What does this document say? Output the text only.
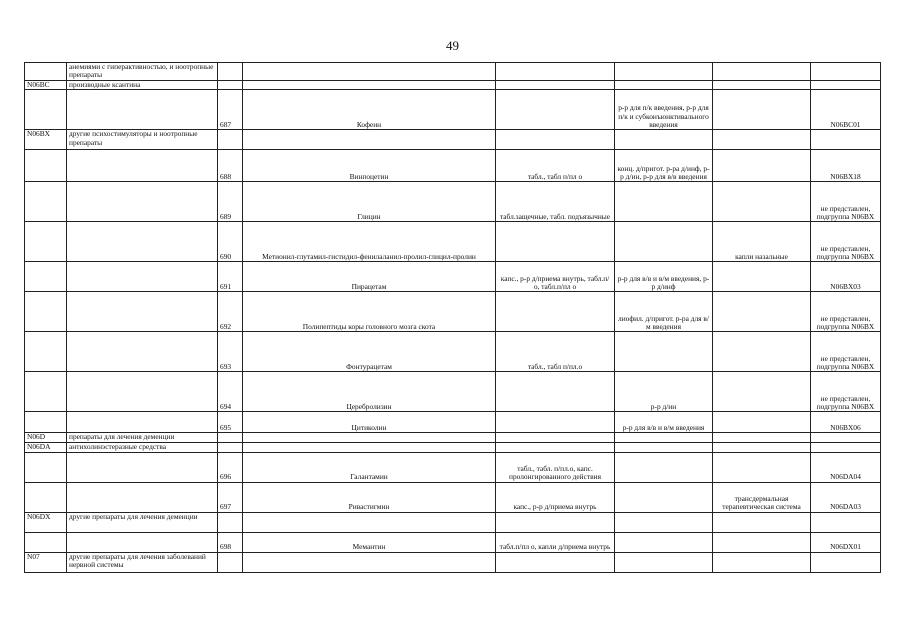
49
	анемиями с гиперактивностью, и ноотропные препараты						
N06BC	производные ксантина						
		687	Кофеин		р-р для п/к введения, р-р для п/к и субконъюнктивального введения		N06BC01
N06BX	другие психостимуляторы и ноотропные препараты						
		688	Винпоцетин	табл., табл п/пл о	конц. д/пригот. р-ра д/инф, р-р д/ин, р-р для в/в введения		N06BX18
		689	Глицин	табл.защечные, табл. подъязычные			не представлен, подгруппа N06BX
		690	Метионил-глутамил-гистидил-фенилаланил-пролил-глицил-пролин			капли назальные	не представлен, подгруппа N06BX
		691	Пирацетам	капс., р-р д/приема внутрь, табл.п/о, табл.п/пл о	р-р для в/в и в/м введения, р-р д/инф		N06BX03
		692	Полипептиды коры головного мозга скота		лиофил. д/пригот. р-ра для в/м введения		не представлен, подгруппа N06BX
		693	Фонтурацетам	табл., табл п/пл.о			не представлен, подгруппа N06BX
		694	Церебролизин		р-р д/ин		не представлен, подгруппа N06BX
		695	Цитиколин		р-р для в/в и в/м введения		N06BX06
N06D	препараты для лечения деменции						
N06DA	антихолинэстеразные средства						
		696	Галантамин	табл., табл. п/пл.о, капс. пролонгированного действия			N06DA04
		697	Ривастигмин	капс., р-р д/приема внутрь		трансдермальная терапевтическая система	N06DA03
N06DX	другие препараты для лечения деменции						
		698	Мемантин	табл.п/пл о, капли д/приема внутрь			N06DX01
N07	другие препараты для лечения заболеваний нервной системы						
